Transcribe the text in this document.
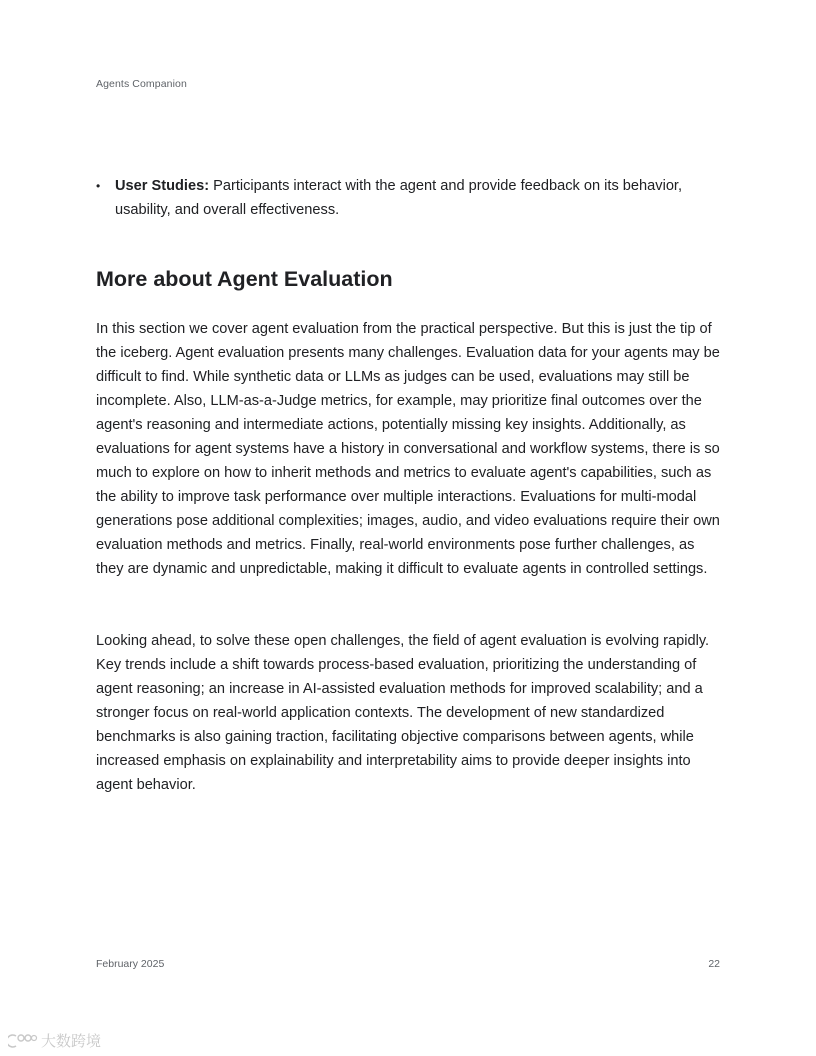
Agents Companion
• User Studies: Participants interact with the agent and provide feedback on its behavior, usability, and overall effectiveness.
More about Agent Evaluation

In this section we cover agent evaluation from the practical perspective. But this is just the tip of the iceberg. Agent evaluation presents many challenges. Evaluation data for your agents may be difficult to find. While synthetic data or LLMs as judges can be used, evaluations may still be incomplete. Also, LLM-as-a-Judge metrics, for example, may prioritize final outcomes over the agent's reasoning and intermediate actions, potentially missing key insights. Additionally, as evaluations for agent systems have a history in conversational and workflow systems, there is so much to explore on how to inherit methods and metrics to evaluate agent's capabilities, such as the ability to improve task performance over multiple interactions. Evaluations for multi-modal generations pose additional complexities; images, audio, and video evaluations require their own evaluation methods and metrics. Finally, real-world environments pose further challenges, as they are dynamic and unpredictable, making it difficult to evaluate agents in controlled settings.

Looking ahead, to solve these open challenges, the field of agent evaluation is evolving rapidly. Key trends include a shift towards process-based evaluation, prioritizing the understanding of agent reasoning; an increase in AI-assisted evaluation methods for improved scalability; and a stronger focus on real-world application contexts. The development of new standardized benchmarks is also gaining traction, facilitating objective comparisons between agents, while increased emphasis on explainability and interpretability aims to provide deeper insights into agent behavior.

February 2025	22
大数跨境
